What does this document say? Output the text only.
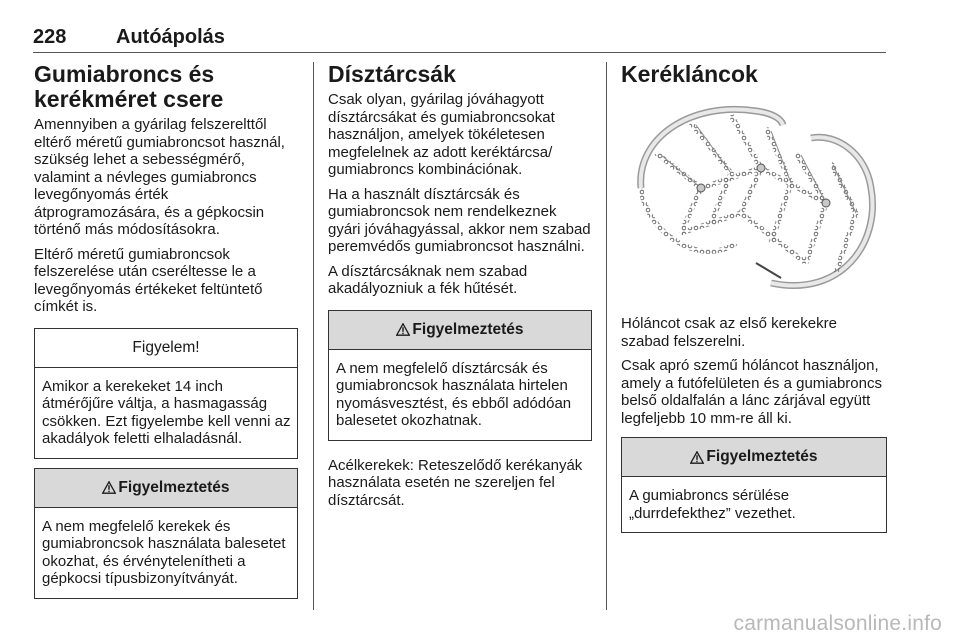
228 Autóápolás
Gumiabroncs és kerékméret csere

Amennyiben a gyárilag felszerelttől eltérő méretű gumiabroncsot használ, szükség lehet a sebességmérő, valamint a névleges gumiabroncs levegőnyomás érték átprogramozására, és a gépkocsin történő más módosításokra.

Eltérő méretű gumiabroncsok felszerelése után cseréltesse le a levegőnyomás értékeket feltüntető címkét is.

Figyelem!
Amikor a kerekeket 14 inch átmérőjűre váltja, a hasmagasság csökken. Ezt figyelembe kell venni az akadályok feletti elhaladásnál.
Figyelmeztetés
A nem megfelelő kerekek és gumiabroncsok használata balesetet okozhat, és érvénytelenítheti a gépkocsi típusbizonyítványát.
Dísztárcsák

Csak olyan, gyárilag jóváhagyott dísztárcsákat és gumiabroncsokat használjon, amelyek tökéletesen megfelelnek az adott keréktárcsa/ gumiabroncs kombinációnak.

Ha a használt dísztárcsák és gumiabroncsok nem rendelkeznek gyári jóváhagyással, akkor nem szabad peremvédős gumiabroncsot használni.

A dísztárcsáknak nem szabad akadályozniuk a fék hűtését.

Figyelmeztetés
A nem megfelelő dísztárcsák és gumiabroncsok használata hirtelen nyomásvesztést, és ebből adódóan balesetet okozhatnak.

Acélkerekek: Reteszelődő kerékanyák használata esetén ne szereljen fel dísztárcsát.

Kerékláncok

Hóláncot csak az első kerekekre szabad felszerelni.

Csak apró szemű hóláncot használjon, amely a futófelületen és a gumiabroncs belső oldalfalán a lánc zárjával együtt legfeljebb 10 mm-re áll ki.

Figyelmeztetés
A gumiabroncs sérülése „durrdefekthez” vezethet.
carmanualsonline.info
